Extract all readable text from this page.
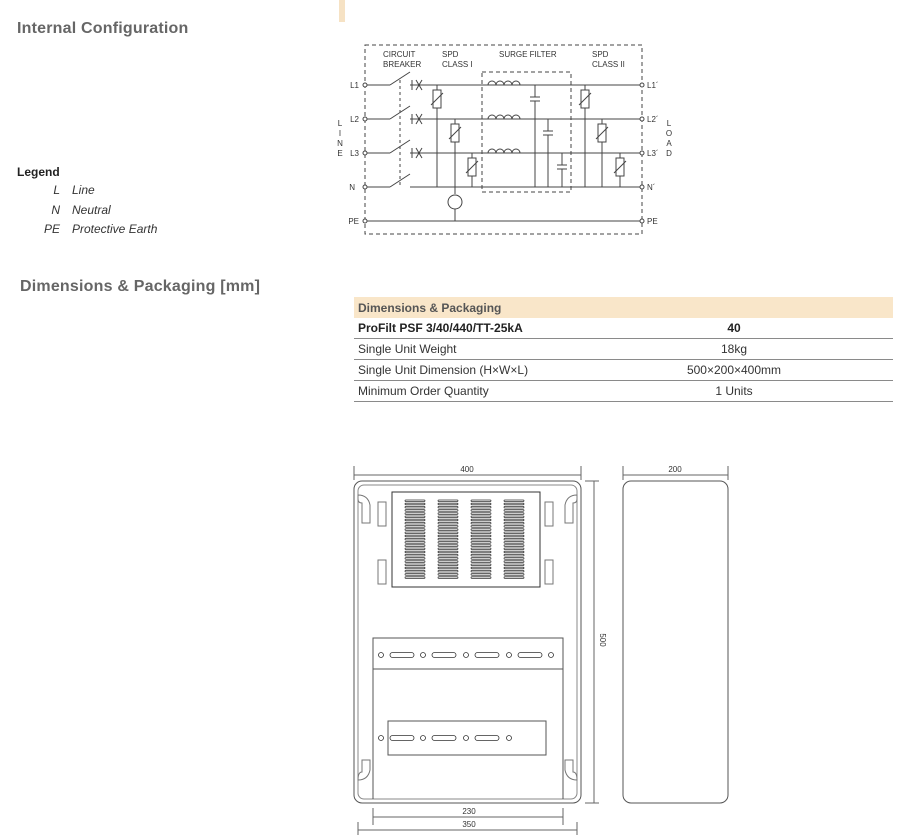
Internal Configuration
Dimensions & Packaging [mm]
Legend
L Line
N Neutral
PE Protective Earth
CIRCUIT
BREAKER
SPD
CLASS I
SURGE FILTER	SPD
CLASS II
L1
L2
L3
N
PE
L1´
L2´
L3´
N´
PE
L
I
N
E
L
O
A
D
Dimensions & Packaging	
ProFilt PSF 3/40/440/TT-25kA	40
Single Unit Weight	18kg
Single Unit Dimension (H×W×L)	500×200×400mm
Minimum Order Quantity	1 Units
400	200
500
230
350
